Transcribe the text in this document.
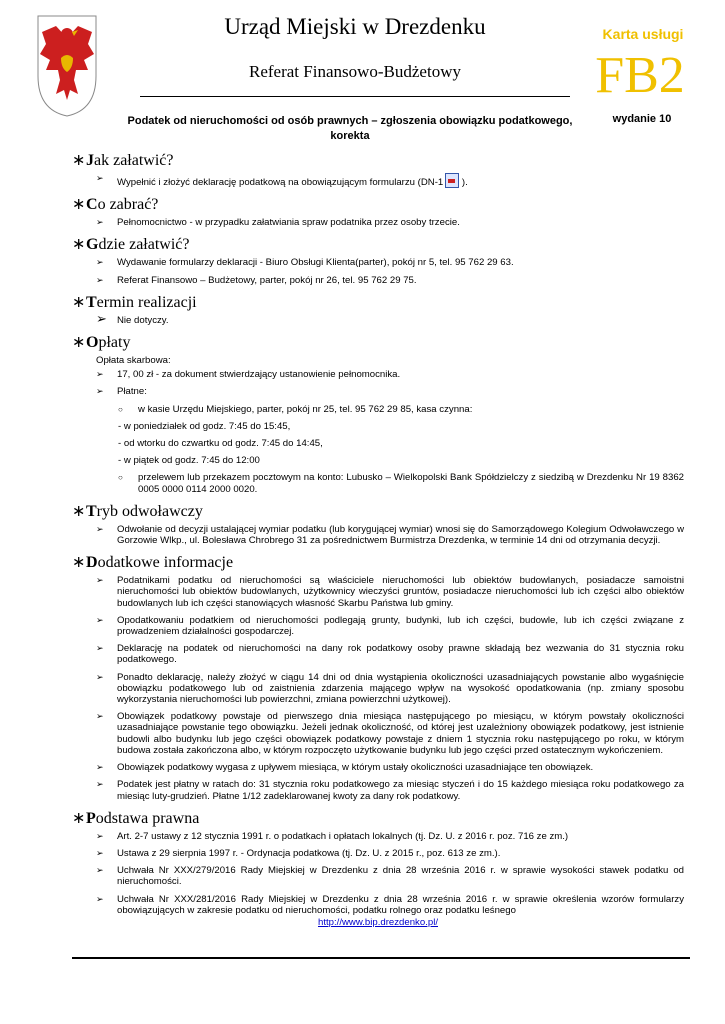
Urząd Miejski w Drezdenku
Referat Finansowo-Budżetowy
Karta usługi
FB2
wydanie 10
Podatek od nieruchomości od osób prawnych – zgłoszenia obowiązku podatkowego, korekta
∗Jak załatwić?
➢ Wypełnić i złożyć deklarację podatkową na obowiązującym formularzu (DN-1 ).
∗Co zabrać?
➢ Pełnomocnictwo - w przypadku załatwiania spraw podatnika przez osoby trzecie.
∗Gdzie załatwić?
➢ Wydawanie formularzy deklaracji - Biuro Obsługi Klienta(parter), pokój nr 5, tel. 95 762 29 63.
➢ Referat Finansowo – Budżetowy, parter, pokój nr 26, tel. 95 762 29 75.
∗Termin realizacji
➢ Nie dotyczy.
∗Opłaty
Opłata skarbowa:
➢ 17, 00 zł - za dokument stwierdzający ustanowienie pełnomocnika.
➢ Płatne:
○ w kasie Urzędu Miejskiego, parter, pokój nr 25, tel. 95 762 29 85, kasa czynna:
- w poniedziałek od godz. 7:45 do 15:45,
- od wtorku do czwartku od godz. 7:45 do 14:45,
- w piątek od godz. 7:45 do 12:00
○ przelewem lub przekazem pocztowym na konto: Lubusko – Wielkopolski Bank Spółdzielczy z siedzibą w Drezdenku Nr 19 8362 0005 0000 0114 2000 0020.
∗Tryb odwoławczy
➢ Odwołanie od decyzji ustalającej wymiar podatku (lub korygującej wymiar) wnosi się do Samorządowego Kolegium Odwoławczego w Gorzowie Wlkp., ul. Bolesława Chrobrego 31 za pośrednictwem Burmistrza Drezdenka, w terminie 14 dni od otrzymania decyzji.
∗Dodatkowe informacje
➢ Podatnikami podatku od nieruchomości są właściciele nieruchomości lub obiektów budowlanych, posiadacze samoistni nieruchomości lub obiektów budowlanych, użytkownicy wieczyści gruntów, posiadacze nieruchomości lub ich części albo obiektów budowlanych lub ich części stanowiących własność Skarbu Państwa lub gminy.
➢ Opodatkowaniu podatkiem od nieruchomości podlegają grunty, budynki, lub ich części, budowle, lub ich części związane z prowadzeniem działalności gospodarczej.
➢ Deklarację na podatek od nieruchomości na dany rok podatkowy osoby prawne składają bez wezwania do 31 stycznia roku podatkowego.
➢ Ponadto deklarację, należy złożyć w ciągu 14 dni od dnia wystąpienia okoliczności uzasadniających powstanie albo wygaśnięcie obowiązku podatkowego lub od zaistnienia zdarzenia mającego wpływ na wysokość opodatkowania (np. zmiany sposobu wykorzystania nieruchomości lub powierzchni, zmiana powierzchni użytkowej).
➢ Obowiązek podatkowy powstaje od pierwszego dnia miesiąca następującego po miesiącu, w którym powstały okoliczności uzasadniające powstanie tego obowiązku. Jeżeli jednak okoliczność, od której jest uzależniony obowiązek podatkowy, jest istnienie budowli albo budynku lub jego części obowiązek podatkowy powstaje z dniem 1 stycznia roku następującego po roku, w którym budowa została zakończona albo, w którym rozpoczęto użytkowanie budynku lub jego części przed ostatecznym wykończeniem.
➢ Obowiązek podatkowy wygasa z upływem miesiąca, w którym ustały okoliczności uzasadniające ten obowiązek.
➢ Podatek jest płatny w ratach do: 31 stycznia roku podatkowego za miesiąc styczeń i do 15 każdego miesiąca roku podatkowego za miesiąc luty-grudzień. Płatne 1/12 zadeklarowanej kwoty za dany rok podatkowy.
∗Podstawa prawna
➢ Art. 2-7 ustawy z 12 stycznia 1991 r. o podatkach i opłatach lokalnych (tj. Dz. U. z 2016 r. poz. 716 ze zm.)
➢ Ustawa z 29 sierpnia 1997 r. - Ordynacja podatkowa (tj. Dz. U. z 2015 r., poz. 613 ze zm.).
➢ Uchwała Nr XXX/279/2016 Rady Miejskiej w Drezdenku z dnia 28 września 2016 r. w sprawie wysokości stawek podatku od nieruchomości.
➢ Uchwała Nr XXX/281/2016 Rady Miejskiej w Drezdenku z dnia 28 września 2016 r. w sprawie określenia wzorów formularzy obowiązujących w zakresie podatku od nieruchomości, podatku rolnego oraz podatku leśnego
http://www.bip.drezdenko.pl/
